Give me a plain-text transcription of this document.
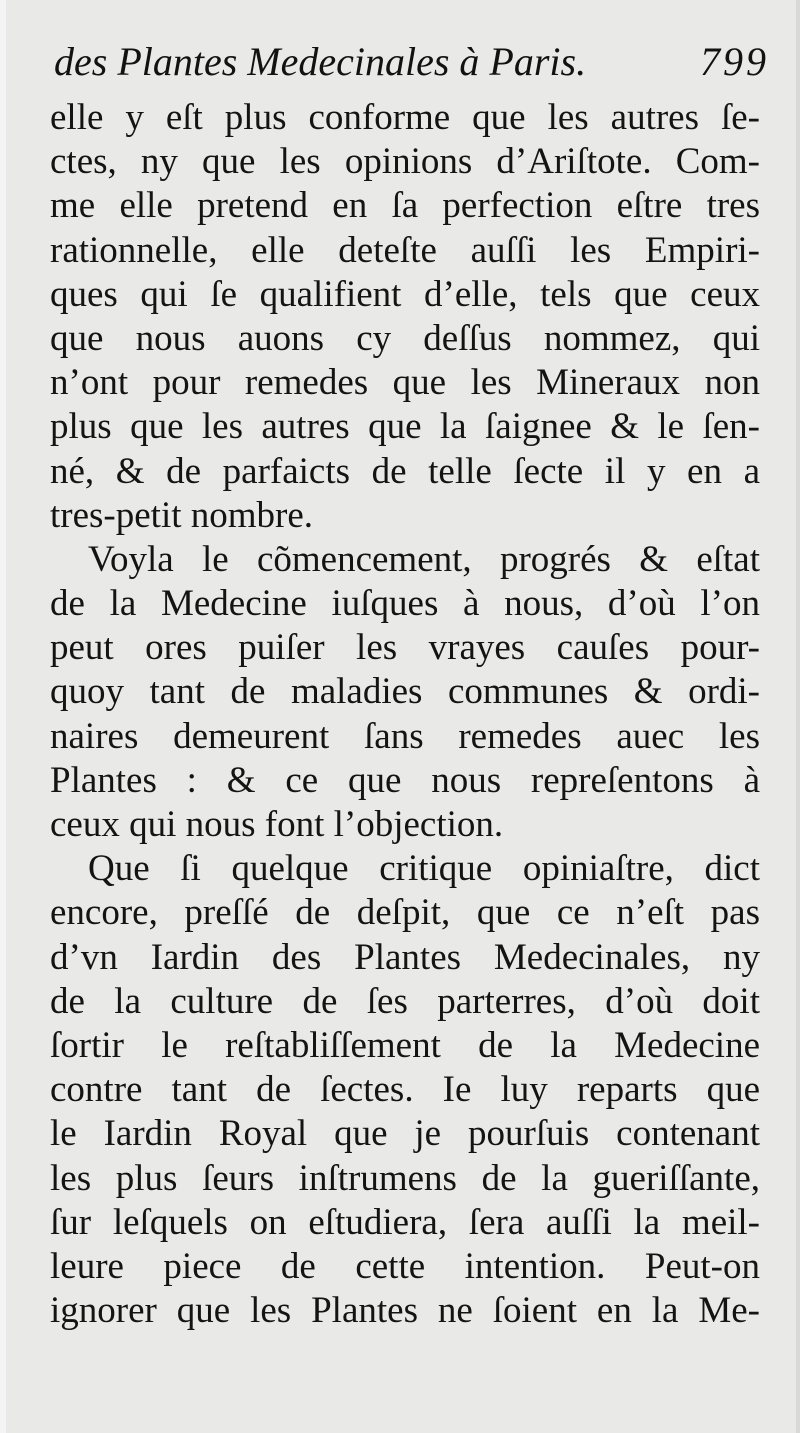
des Plantes Medecinales à Paris.	799
elle y eſt plus conforme que les autres ſe-
ctes, ny que les opinions d’Ariſtote. Com-
me elle pretend en ſa perfection eſtre tres
rationnelle, elle deteſte auſſi les Empiri-
ques qui ſe qualifient d’elle, tels que ceux
que nous auons cy deſſus nommez, qui
n’ont pour remedes que les Mineraux non
plus que les autres que la ſaignee & le ſen-
né, & de parfaicts de telle ſecte il y en a
tres-petit nombre.
Voyla le cõmencement, progrés & eſtat
de la Medecine iuſques à nous, d’où l’on
peut ores puiſer les vrayes cauſes pour-
quoy tant de maladies communes & ordi-
naires demeurent ſans remedes auec les
Plantes : & ce que nous repreſentons à
ceux qui nous font l’objection.
Que ſi quelque critique opiniaſtre, dict
encore, preſſé de deſpit, que ce n’eſt pas
d’vn Iardin des Plantes Medecinales, ny
de la culture de ſes parterres, d’où doit
ſortir le reſtabliſſement de la Medecine
contre tant de ſectes. Ie luy reparts que
le Iardin Royal que je pourſuis contenant
les plus ſeurs inſtrumens de la gueriſſante,
ſur leſquels on eſtudiera, ſera auſſi la meil-
leure piece de cette intention. Peut-on
ignorer que les Plantes ne ſoient en la Me-
